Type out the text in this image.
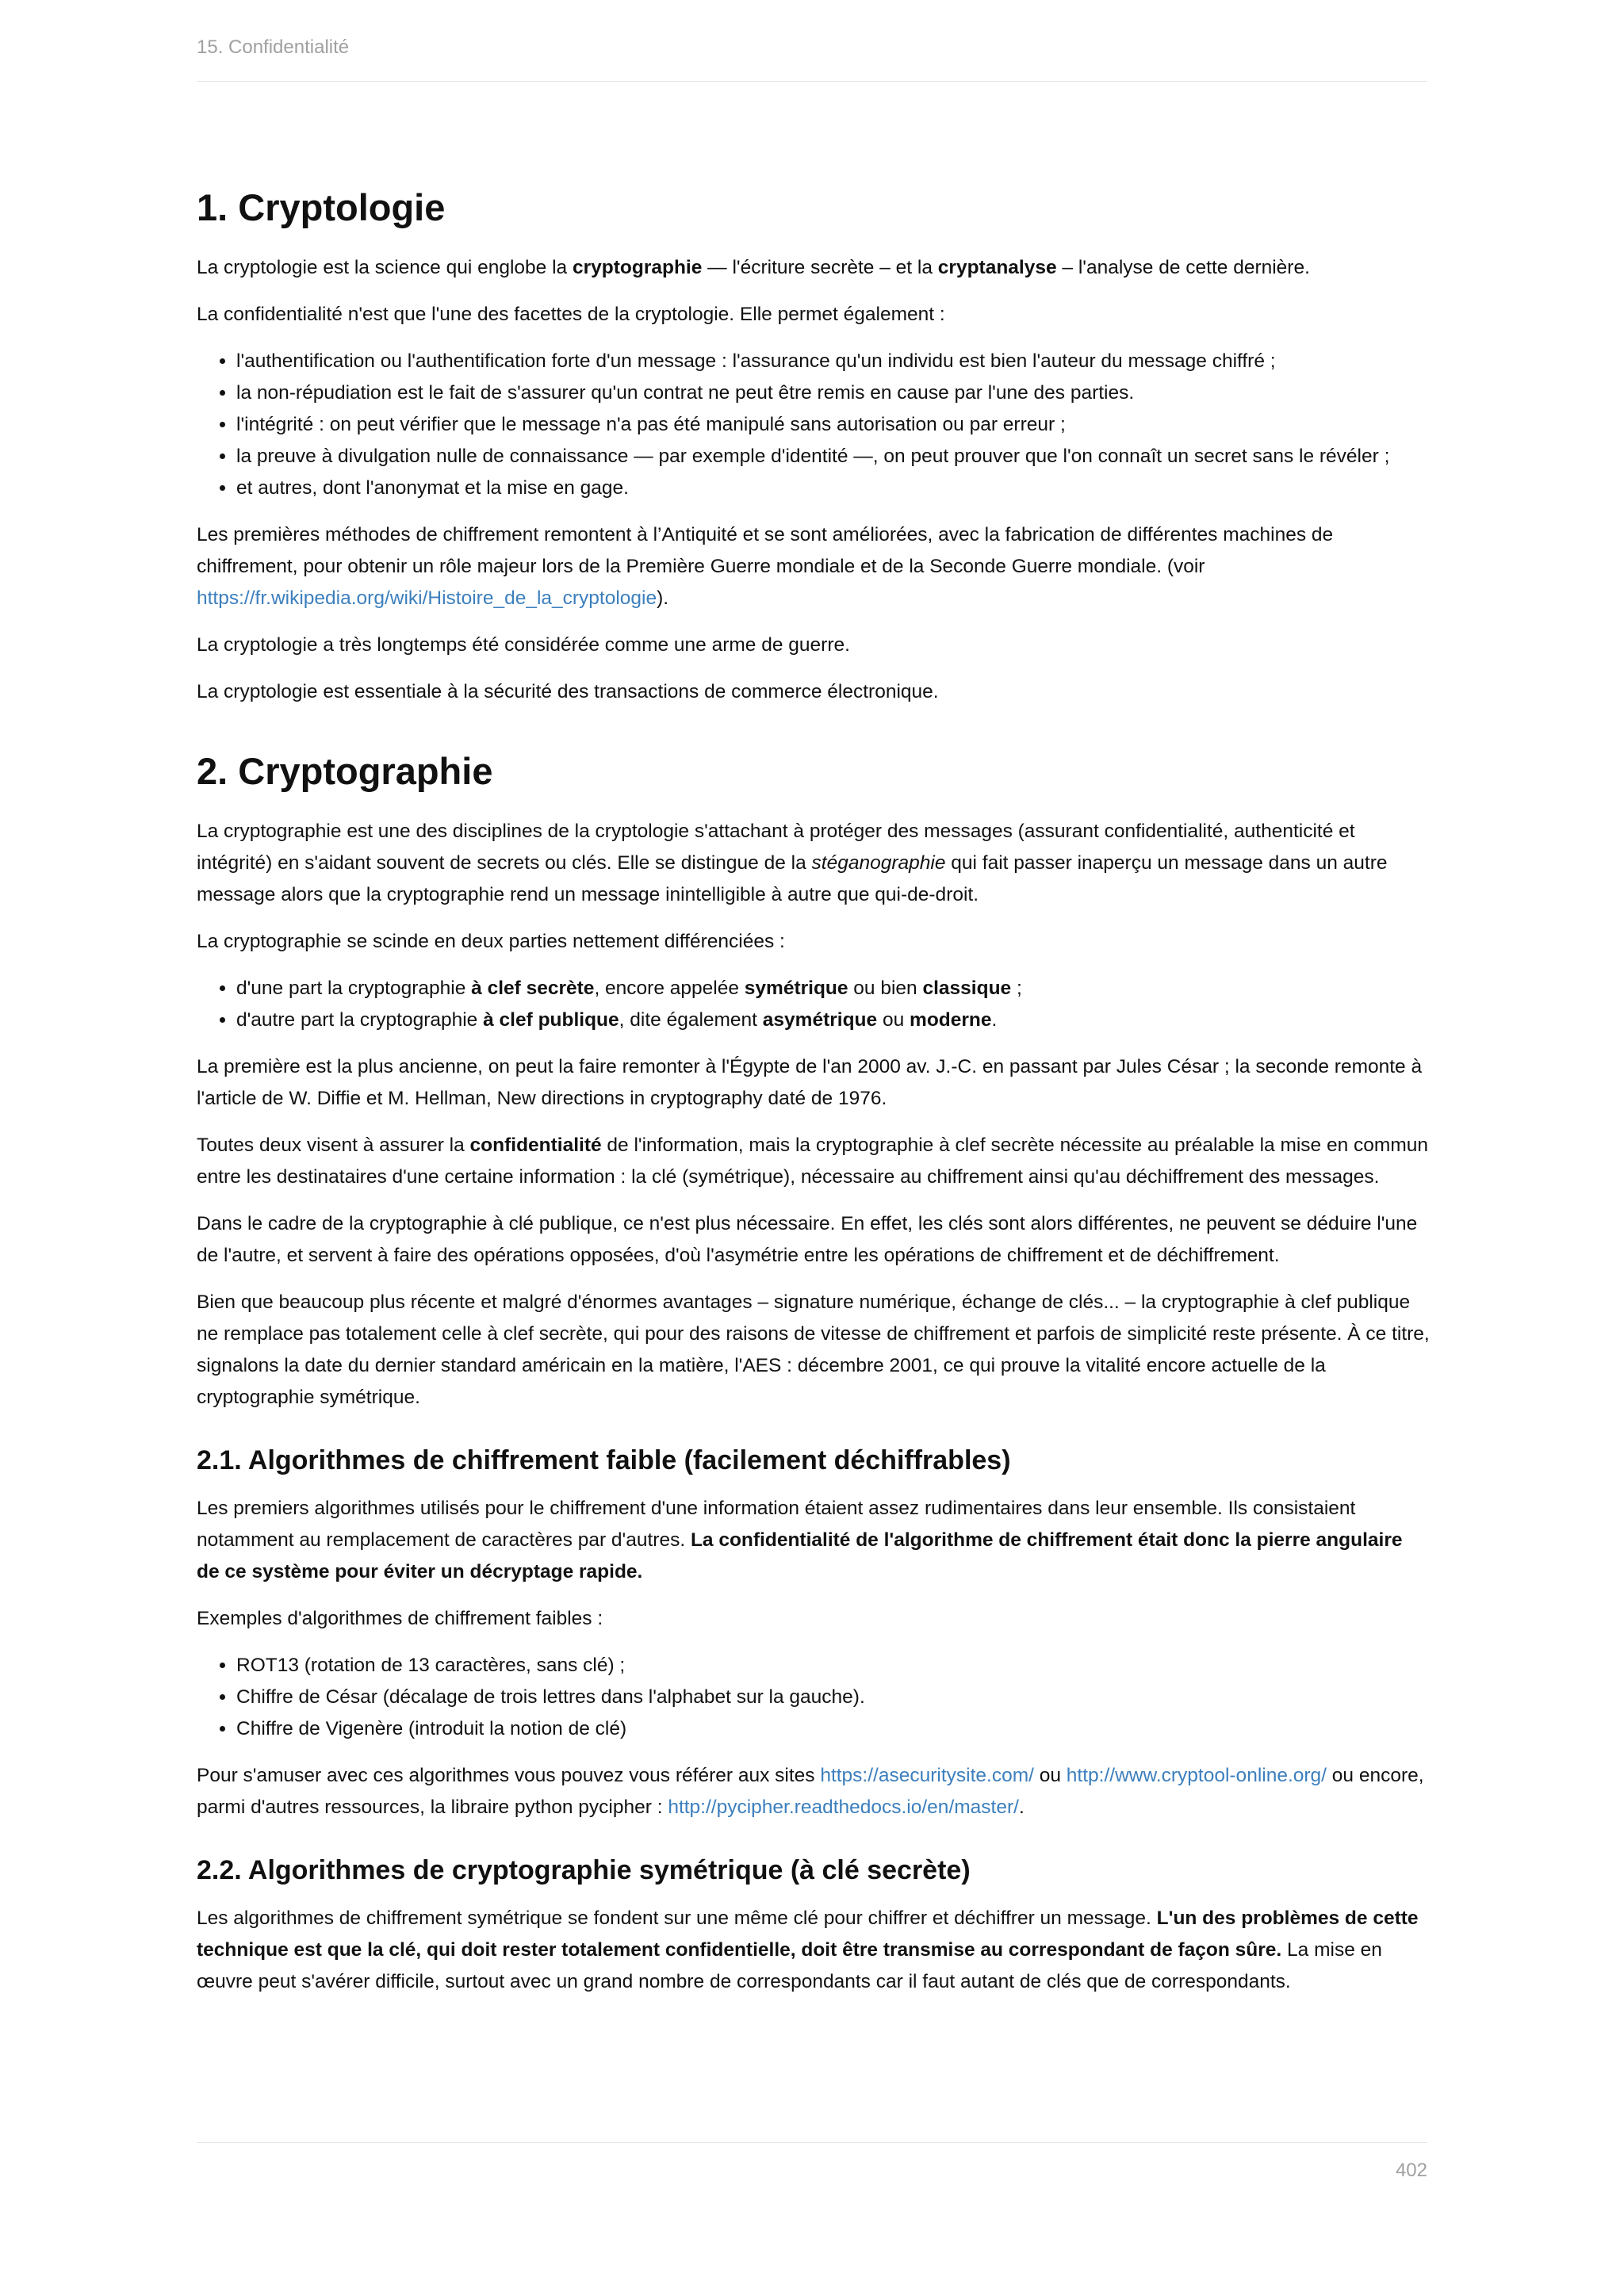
15. Confidentialité
1. Cryptologie

La cryptologie est la science qui englobe la cryptographie — l'écriture secrète – et la cryptanalyse – l'analyse de cette dernière.

La confidentialité n'est que l'une des facettes de la cryptologie. Elle permet également :

• l'authentification ou l'authentification forte d'un message : l'assurance qu'un individu est bien l'auteur du message chiffré ;
• la non-répudiation est le fait de s'assurer qu'un contrat ne peut être remis en cause par l'une des parties.
• l'intégrité : on peut vérifier que le message n'a pas été manipulé sans autorisation ou par erreur ;
• la preuve à divulgation nulle de connaissance — par exemple d'identité —, on peut prouver que l'on connaît un secret sans le révéler ;
• et autres, dont l'anonymat et la mise en gage.

Les premières méthodes de chiffrement remontent à l’Antiquité et se sont améliorées, avec la fabrication de différentes machines de chiffrement, pour obtenir un rôle majeur lors de la Première Guerre mondiale et de la Seconde Guerre mondiale. (voir https://fr.wikipedia.org/wiki/Histoire_de_la_cryptologie).

La cryptologie a très longtemps été considérée comme une arme de guerre.

La cryptologie est essentiale à la sécurité des transactions de commerce électronique.

2. Cryptographie

La cryptographie est une des disciplines de la cryptologie s'attachant à protéger des messages (assurant confidentialité, authenticité et intégrité) en s'aidant souvent de secrets ou clés. Elle se distingue de la stéganographie qui fait passer inaperçu un message dans un autre message alors que la cryptographie rend un message inintelligible à autre que qui-de-droit.

La cryptographie se scinde en deux parties nettement différenciées :

• d'une part la cryptographie à clef secrète, encore appelée symétrique ou bien classique ;
• d'autre part la cryptographie à clef publique, dite également asymétrique ou moderne.

La première est la plus ancienne, on peut la faire remonter à l'Égypte de l'an 2000 av. J.-C. en passant par Jules César ; la seconde remonte à l'article de W. Diffie et M. Hellman, New directions in cryptography daté de 1976.

Toutes deux visent à assurer la confidentialité de l'information, mais la cryptographie à clef secrète nécessite au préalable la mise en commun entre les destinataires d'une certaine information : la clé (symétrique), nécessaire au chiffrement ainsi qu'au déchiffrement des messages.

Dans le cadre de la cryptographie à clé publique, ce n'est plus nécessaire. En effet, les clés sont alors différentes, ne peuvent se déduire l'une de l'autre, et servent à faire des opérations opposées, d'où l'asymétrie entre les opérations de chiffrement et de déchiffrement.

Bien que beaucoup plus récente et malgré d'énormes avantages – signature numérique, échange de clés... – la cryptographie à clef publique ne remplace pas totalement celle à clef secrète, qui pour des raisons de vitesse de chiffrement et parfois de simplicité reste présente. À ce titre, signalons la date du dernier standard américain en la matière, l'AES : décembre 2001, ce qui prouve la vitalité encore actuelle de la cryptographie symétrique.

2.1. Algorithmes de chiffrement faible (facilement déchiffrables)

Les premiers algorithmes utilisés pour le chiffrement d'une information étaient assez rudimentaires dans leur ensemble. Ils consistaient notamment au remplacement de caractères par d'autres. La confidentialité de l'algorithme de chiffrement était donc la pierre angulaire de ce système pour éviter un décryptage rapide.

Exemples d'algorithmes de chiffrement faibles :

• ROT13 (rotation de 13 caractères, sans clé) ;
• Chiffre de César (décalage de trois lettres dans l'alphabet sur la gauche).
• Chiffre de Vigenère (introduit la notion de clé)

Pour s'amuser avec ces algorithmes vous pouvez vous référer aux sites https://asecuritysite.com/ ou http://www.cryptool-online.org/ ou encore, parmi d'autres ressources, la libraire python pycipher : http://pycipher.readthedocs.io/en/master/.

2.2. Algorithmes de cryptographie symétrique (à clé secrète)

Les algorithmes de chiffrement symétrique se fondent sur une même clé pour chiffrer et déchiffrer un message. L'un des problèmes de cette technique est que la clé, qui doit rester totalement confidentielle, doit être transmise au correspondant de façon sûre. La mise en œuvre peut s'avérer difficile, surtout avec un grand nombre de correspondants car il faut autant de clés que de correspondants.

402
